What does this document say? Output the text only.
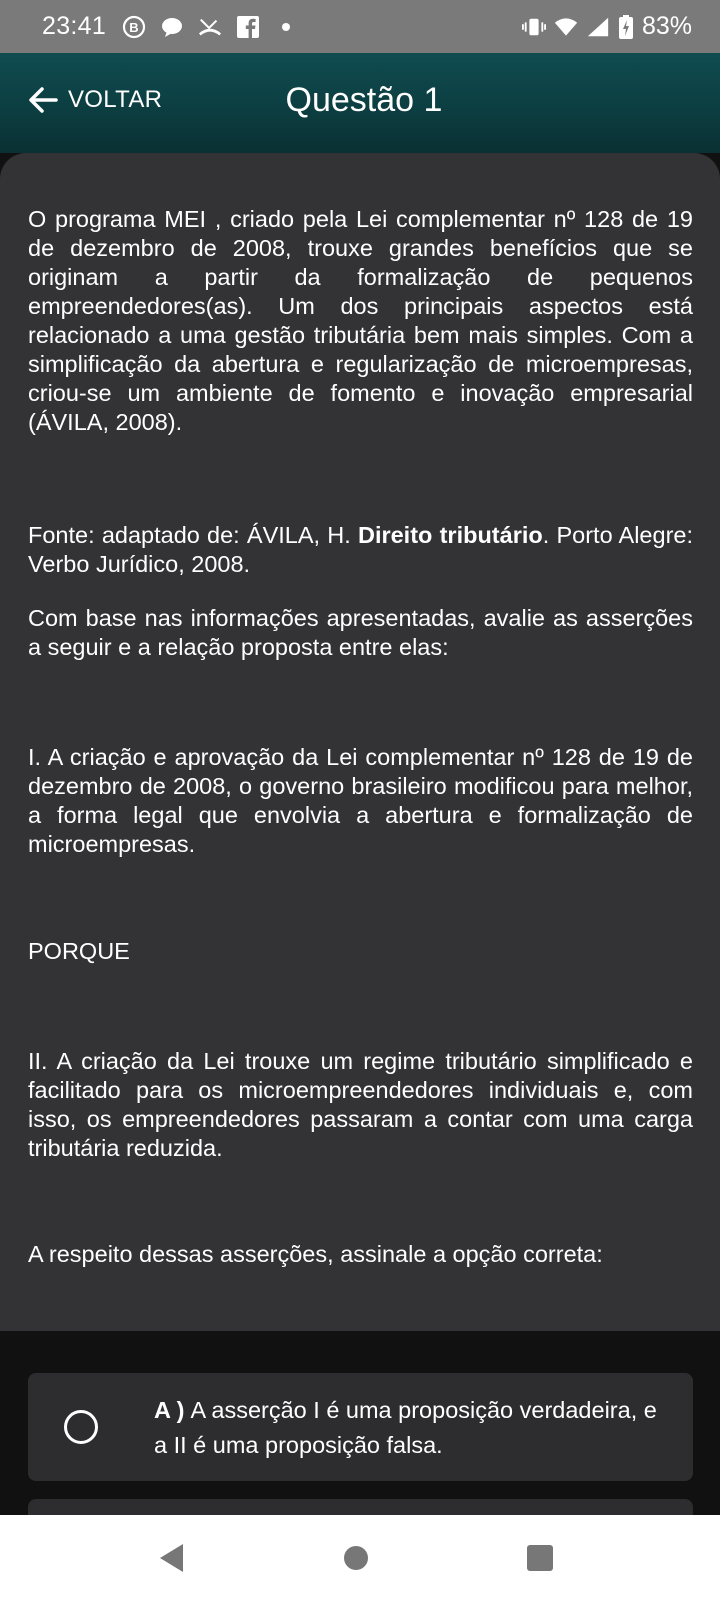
23:41 B	83%
VOLTAR	Questão 1

O programa MEI , criado pela Lei complementar nº 128 de 19 de dezembro de 2008, trouxe grandes benefícios que se originam a partir da formalização de pequenos empreendedores(as). Um dos principais aspectos está relacionado a uma gestão tributária bem mais simples. Com a simplificação da abertura e regularização de microempresas, criou-se um ambiente de fomento e inovação empresarial (ÁVILA, 2008).

Fonte: adaptado de: ÁVILA, H. Direito tributário. Porto Alegre: Verbo Jurídico, 2008.

Com base nas informações apresentadas, avalie as asserções a seguir e a relação proposta entre elas:

I. A criação e aprovação da Lei complementar nº 128 de 19 de dezembro de 2008, o governo brasileiro modificou para melhor, a forma legal que envolvia a abertura e formalização de microempresas.

PORQUE

II. A criação da Lei trouxe um regime tributário simplificado e facilitado para os microempreendedores individuais e, com isso, os empreendedores passaram a contar com uma carga tributária reduzida.

A respeito dessas asserções, assinale a opção correta:

A ) A asserção I é uma proposição verdadeira, e a II é uma proposição falsa.
